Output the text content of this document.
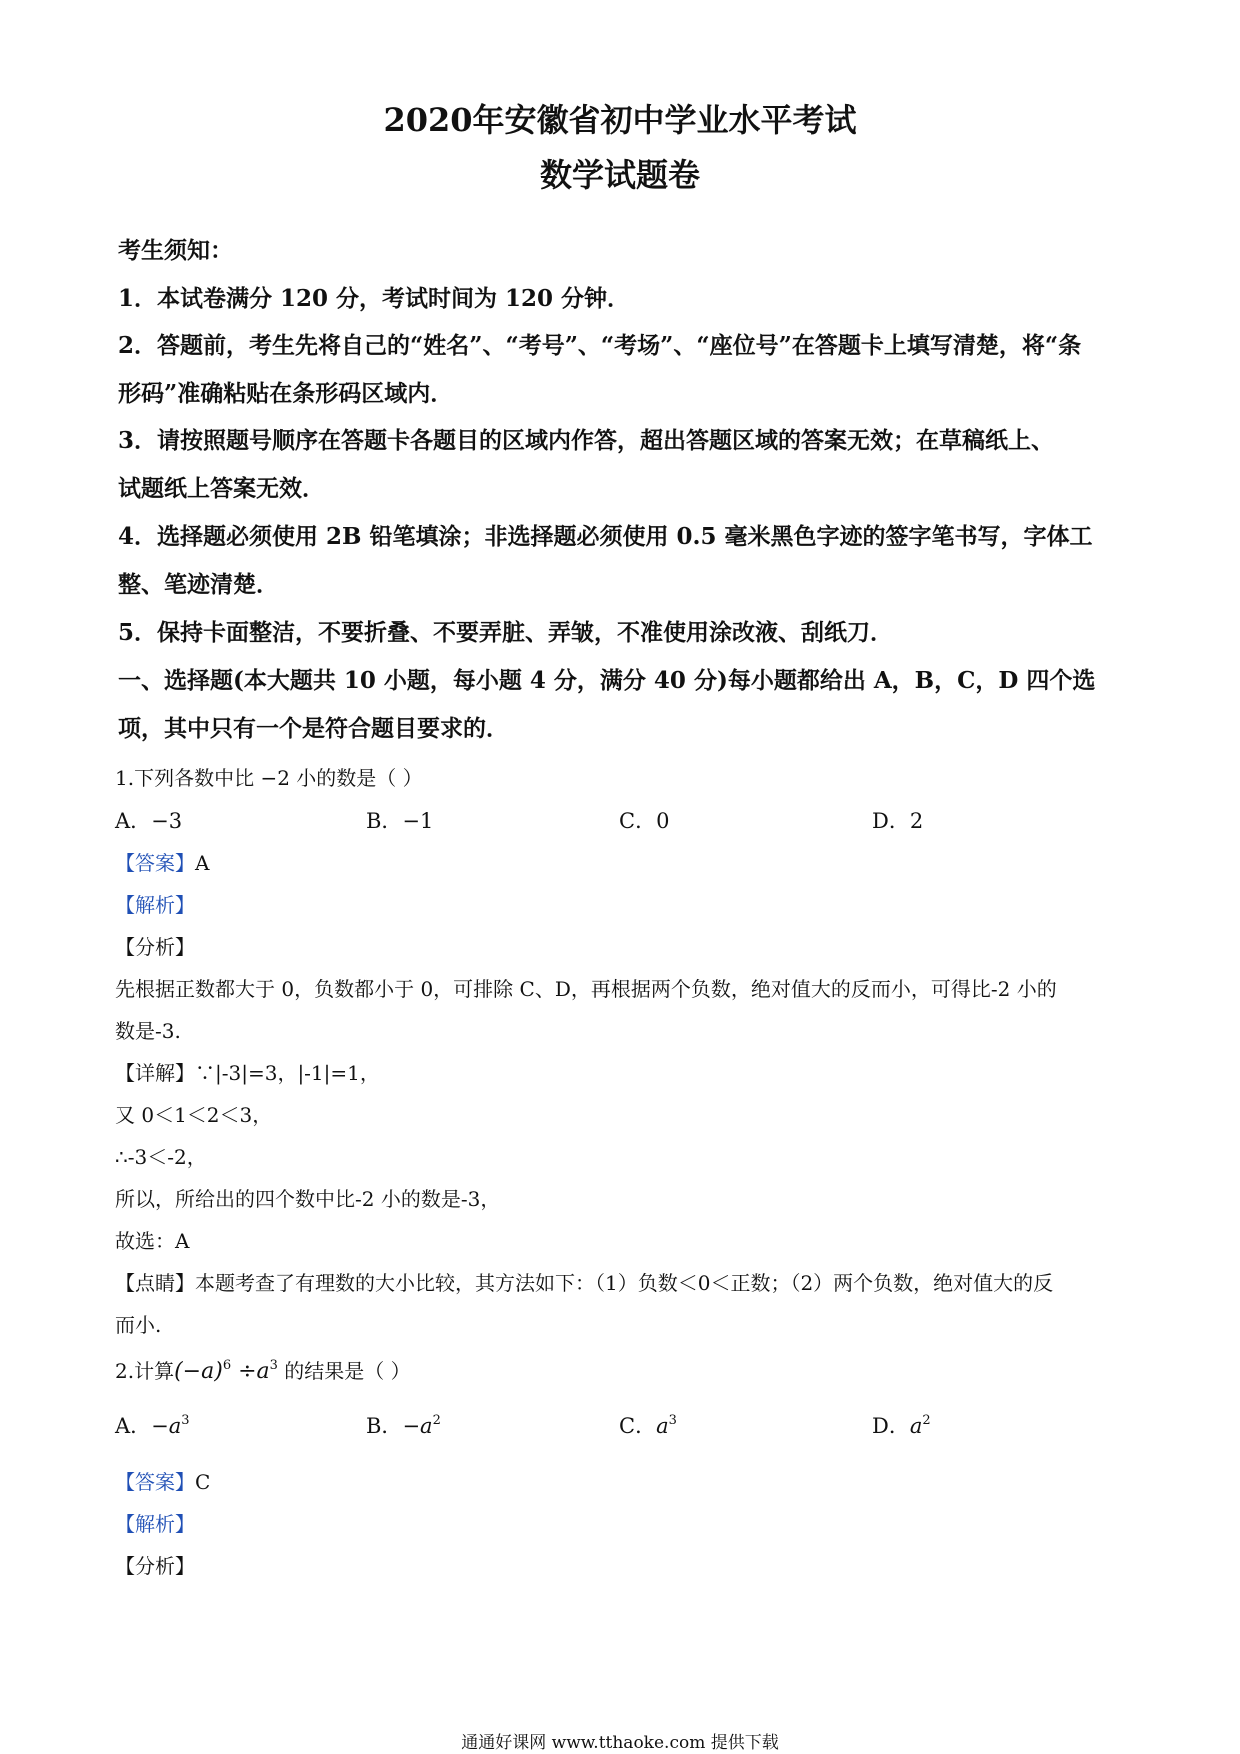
2020年安徽省初中学业水平考试
数学试题卷
考生须知：
1．本试卷满分 120 分，考试时间为 120 分钟．
2．答题前，考生先将自己的“姓名”、“考号”、“考场”、“座位号”在答题卡上填写清楚，将“条
形码”准确粘贴在条形码区域内．
3．请按照题号顺序在答题卡各题目的区域内作答，超出答题区域的答案无效；在草稿纸上、
试题纸上答案无效．
4．选择题必须使用 2B 铅笔填涂；非选择题必须使用 0.5 毫米黑色字迹的签字笔书写，字体工
整、笔迹清楚．
5．保持卡面整洁，不要折叠、不要弄脏、弄皱，不准使用涂改液、刮纸刀．
一、选择题(本大题共 10 小题，每小题 4 分，满分 40 分)每小题都给出 A，B，C，D 四个选
项，其中只有一个是符合题目要求的．
1.下列各数中比 −2 小的数是（ ）
A．−3	B．−1	C．0	D．2
【答案】A
【解析】
【分析】
先根据正数都大于 0，负数都小于 0，可排除 C、D，再根据两个负数，绝对值大的反而小，可得比-2 小的
数是-3.
【详解】∵|-3|=3，|-1|=1，
又 0＜1＜2＜3，
∴-3＜-2，
所以，所给出的四个数中比-2 小的数是-3，
故选：A
【点睛】本题考查了有理数的大小比较，其方法如下：（1）负数＜0＜正数；（2）两个负数，绝对值大的反
而小.
2.计算$(-a)^6 \div a^3$ 的结果是（ ）
A．$-a^3$	B．$-a^2$	C．$a^3$	D．$a^2$
【答案】C
【解析】
【分析】
通通好课网 www.tthaoke.com 提供下载
